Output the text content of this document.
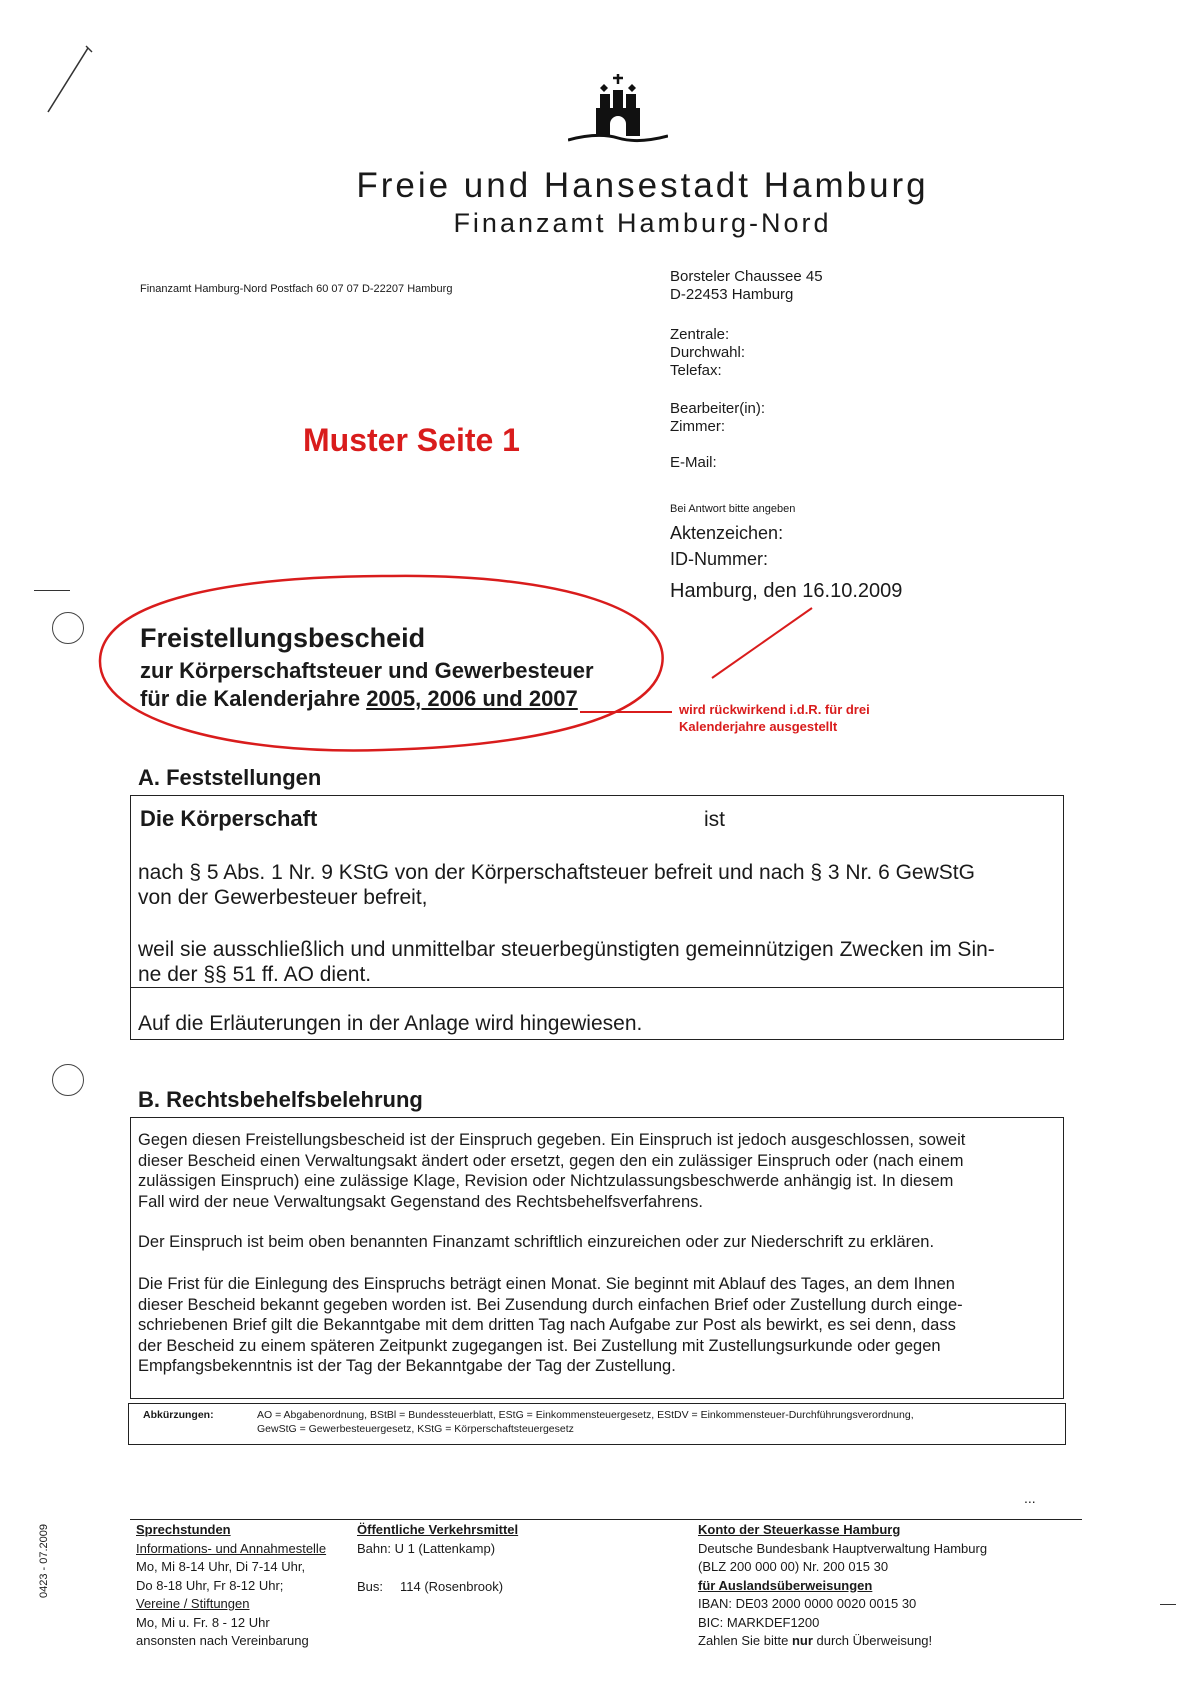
Freie und Hansestadt Hamburg
Finanzamt Hamburg-Nord
Finanzamt Hamburg-Nord Postfach 60 07 07 D-22207 Hamburg
Borsteler Chaussee 45
D-22453 Hamburg
Zentrale:
Durchwahl:
Telefax:
Bearbeiter(in):
Zimmer:
E-Mail:
Bei Antwort bitte angeben
Aktenzeichen:
ID-Nummer:
Hamburg, den 16.10.2009
Muster Seite 1
Freistellungsbescheid
zur Körperschaftsteuer und Gewerbesteuer
für die Kalenderjahre 2005, 2006 und 2007	wird rückwirkend i.d.R. für drei
Kalenderjahre ausgestellt
A. Feststellungen
Die Körperschaft	ist
nach § 5 Abs. 1 Nr. 9 KStG von der Körperschaftsteuer befreit und nach § 3 Nr. 6 GewStG
von der Gewerbesteuer befreit,
weil sie ausschließlich und unmittelbar steuerbegünstigten gemeinnützigen Zwecken im Sin-
ne der §§ 51 ff. AO dient.
Auf die Erläuterungen in der Anlage wird hingewiesen.
B. Rechtsbehelfsbelehrung
Gegen diesen Freistellungsbescheid ist der Einspruch gegeben. Ein Einspruch ist jedoch ausgeschlossen, soweit
dieser Bescheid einen Verwaltungsakt ändert oder ersetzt, gegen den ein zulässiger Einspruch oder (nach einem
zulässigen Einspruch) eine zulässige Klage, Revision oder Nichtzulassungsbeschwerde anhängig ist. In diesem
Fall wird der neue Verwaltungsakt Gegenstand des Rechtsbehelfsverfahrens.
Der Einspruch ist beim oben benannten Finanzamt schriftlich einzureichen oder zur Niederschrift zu erklären.
Die Frist für die Einlegung des Einspruchs beträgt einen Monat. Sie beginnt mit Ablauf des Tages, an dem Ihnen
dieser Bescheid bekannt gegeben worden ist. Bei Zusendung durch einfachen Brief oder Zustellung durch einge-
schriebenen Brief gilt die Bekanntgabe mit dem dritten Tag nach Aufgabe zur Post als bewirkt, es sei denn, dass
der Bescheid zu einem späteren Zeitpunkt zugegangen ist. Bei Zustellung mit Zustellungsurkunde oder gegen
Empfangsbekenntnis ist der Tag der Bekanntgabe der Tag der Zustellung.
Abkürzungen:	AO = Abgabenordnung, BStBl = Bundessteuerblatt, EStG = Einkommensteuergesetz, EStDV = Einkommensteuer-Durchführungsverordnung,
GewStG = Gewerbesteuergesetz, KStG = Körperschaftsteuergesetz
...
Sprechstunden
Informations- und Annahmestelle
Mo, Mi 8-14 Uhr, Di 7-14 Uhr,
Do 8-18 Uhr, Fr 8-12 Uhr;
Vereine / Stiftungen
Mo, Mi u. Fr. 8 - 12 Uhr
ansonsten nach Vereinbarung
Öffentliche Verkehrsmittel
Bahn: U 1 (Lattenkamp)
Bus: 114 (Rosenbrook)
Konto der Steuerkasse Hamburg
Deutsche Bundesbank Hauptverwaltung Hamburg
(BLZ 200 000 00) Nr. 200 015 30
für Auslandsüberweisungen
IBAN: DE03 2000 0000 0020 0015 30
BIC: MARKDEF1200
Zahlen Sie bitte nur durch Überweisung!
0423 - 07.2009
